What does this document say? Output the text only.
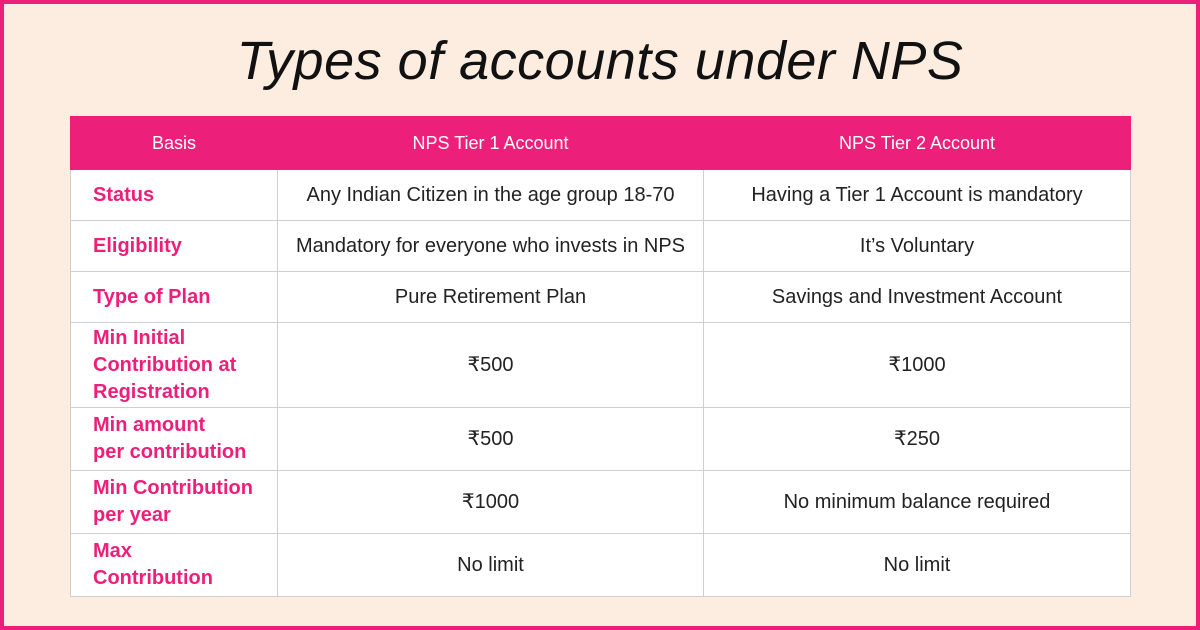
Types of accounts under NPS
Basis	NPS Tier 1 Account	NPS Tier 2 Account
Status	Any Indian Citizen in the age group 18-70	Having a Tier 1 Account is mandatory
Eligibility	Mandatory for everyone who invests in NPS	It’s Voluntary
Type of Plan	Pure Retirement Plan	Savings and Investment Account
Min Initial
Contribution at
Registration	₹500	₹1000
Min amount
per contribution	₹500	₹250
Min Contribution
per year	₹1000	No minimum balance required
Max
Contribution	No limit	No limit
